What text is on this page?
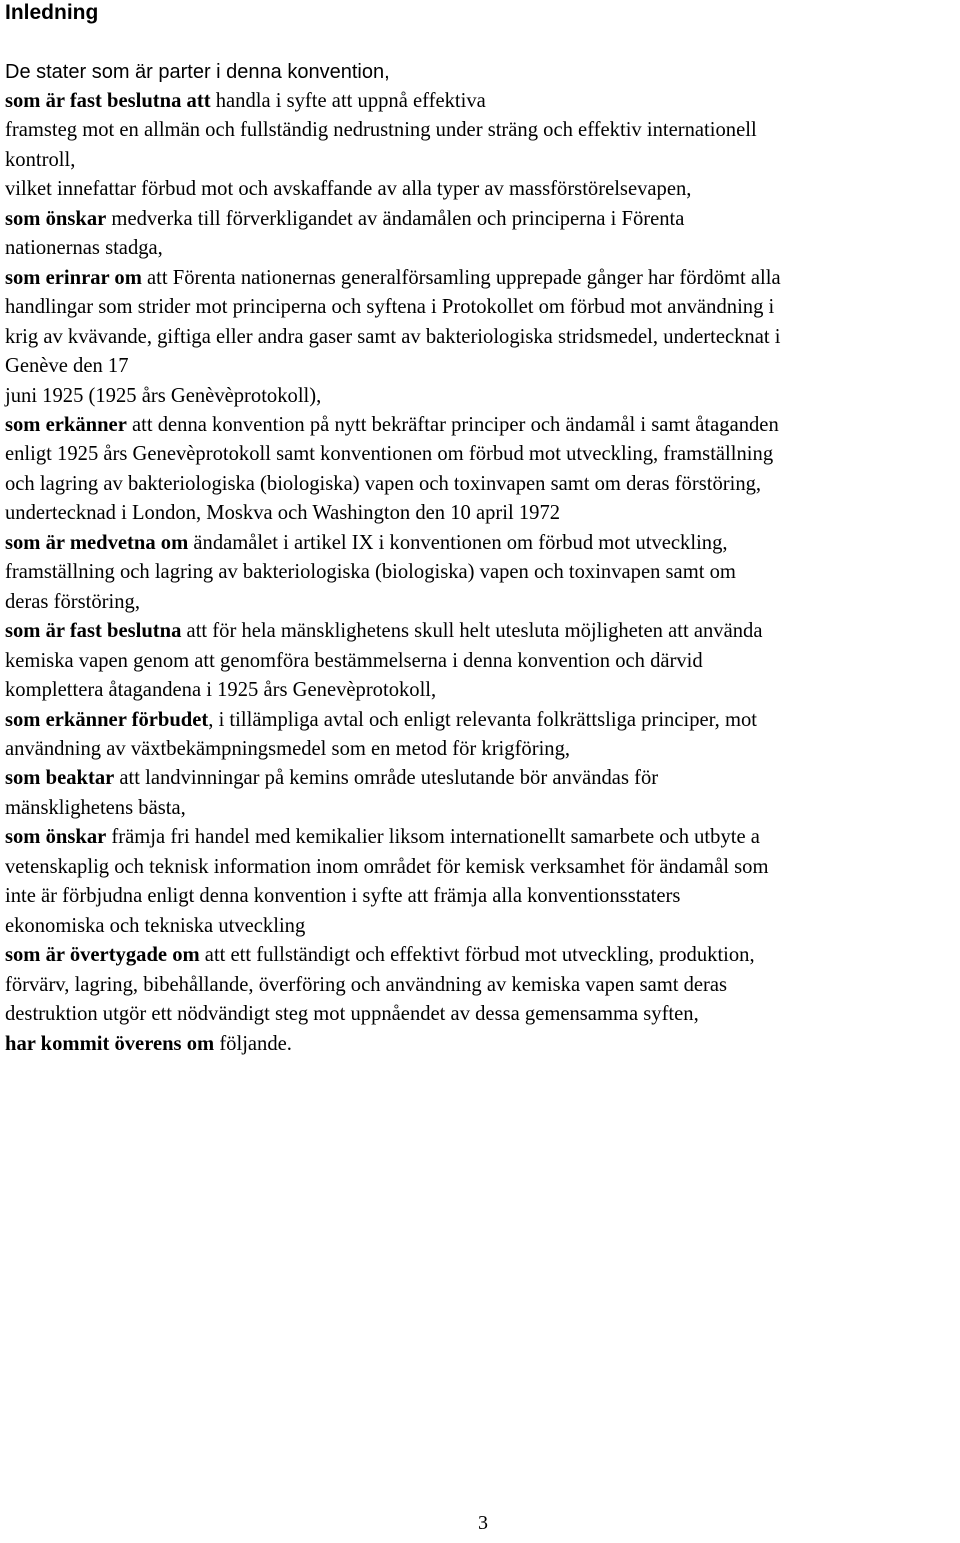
Inledning

De stater som är parter i denna konvention,

som är fast beslutna att handla i syfte att uppnå effektiva
framsteg mot en allmän och fullständig nedrustning under sträng och effektiv internationell
kontroll,
vilket innefattar förbud mot och avskaffande av alla typer av massförstörelsevapen,
som önskar medverka till förverkligandet av ändamålen och principerna i Förenta
nationernas stadga,
som erinrar om att Förenta nationernas generalförsamling upprepade gånger har fördömt alla
handlingar som strider mot principerna och syftena i Protokollet om förbud mot användning i
krig av kvävande, giftiga eller andra gaser samt av bakteriologiska stridsmedel, undertecknat i
Genève den 17
juni 1925 (1925 års Genèvèprotokoll),
som erkänner att denna konvention på nytt bekräftar principer och ändamål i samt åtaganden
enligt 1925 års Genevèprotokoll samt konventionen om förbud mot utveckling, framställning
och lagring av bakteriologiska (biologiska) vapen och toxinvapen samt om deras förstöring,
undertecknad i London, Moskva och Washington den 10 april 1972
som är medvetna om ändamålet i artikel IX i konventionen om förbud mot utveckling,
framställning och lagring av bakteriologiska (biologiska) vapen och toxinvapen samt om
deras förstöring,
som är fast beslutna att för hela mänsklighetens skull helt utesluta möjligheten att använda
kemiska vapen genom att genomföra bestämmelserna i denna konvention och därvid
komplettera åtagandena i 1925 års Genevèprotokoll,
som erkänner förbudet, i tillämpliga avtal och enligt relevanta folkrättsliga principer, mot
användning av växtbekämpningsmedel som en metod för krigföring,
som beaktar att landvinningar på kemins område uteslutande bör användas för
mänsklighetens bästa,
som önskar främja fri handel med kemikalier liksom internationellt samarbete och utbyte a
vetenskaplig och teknisk information inom området för kemisk verksamhet för ändamål som
inte är förbjudna enligt denna konvention i syfte att främja alla konventionsstaters
ekonomiska och tekniska utveckling
som är övertygade om att ett fullständigt och effektivt förbud mot utveckling, produktion,
förvärv, lagring, bibehållande, överföring och användning av kemiska vapen samt deras
destruktion utgör ett nödvändigt steg mot uppnåendet av dessa gemensamma syften,
har kommit överens om följande.
3
